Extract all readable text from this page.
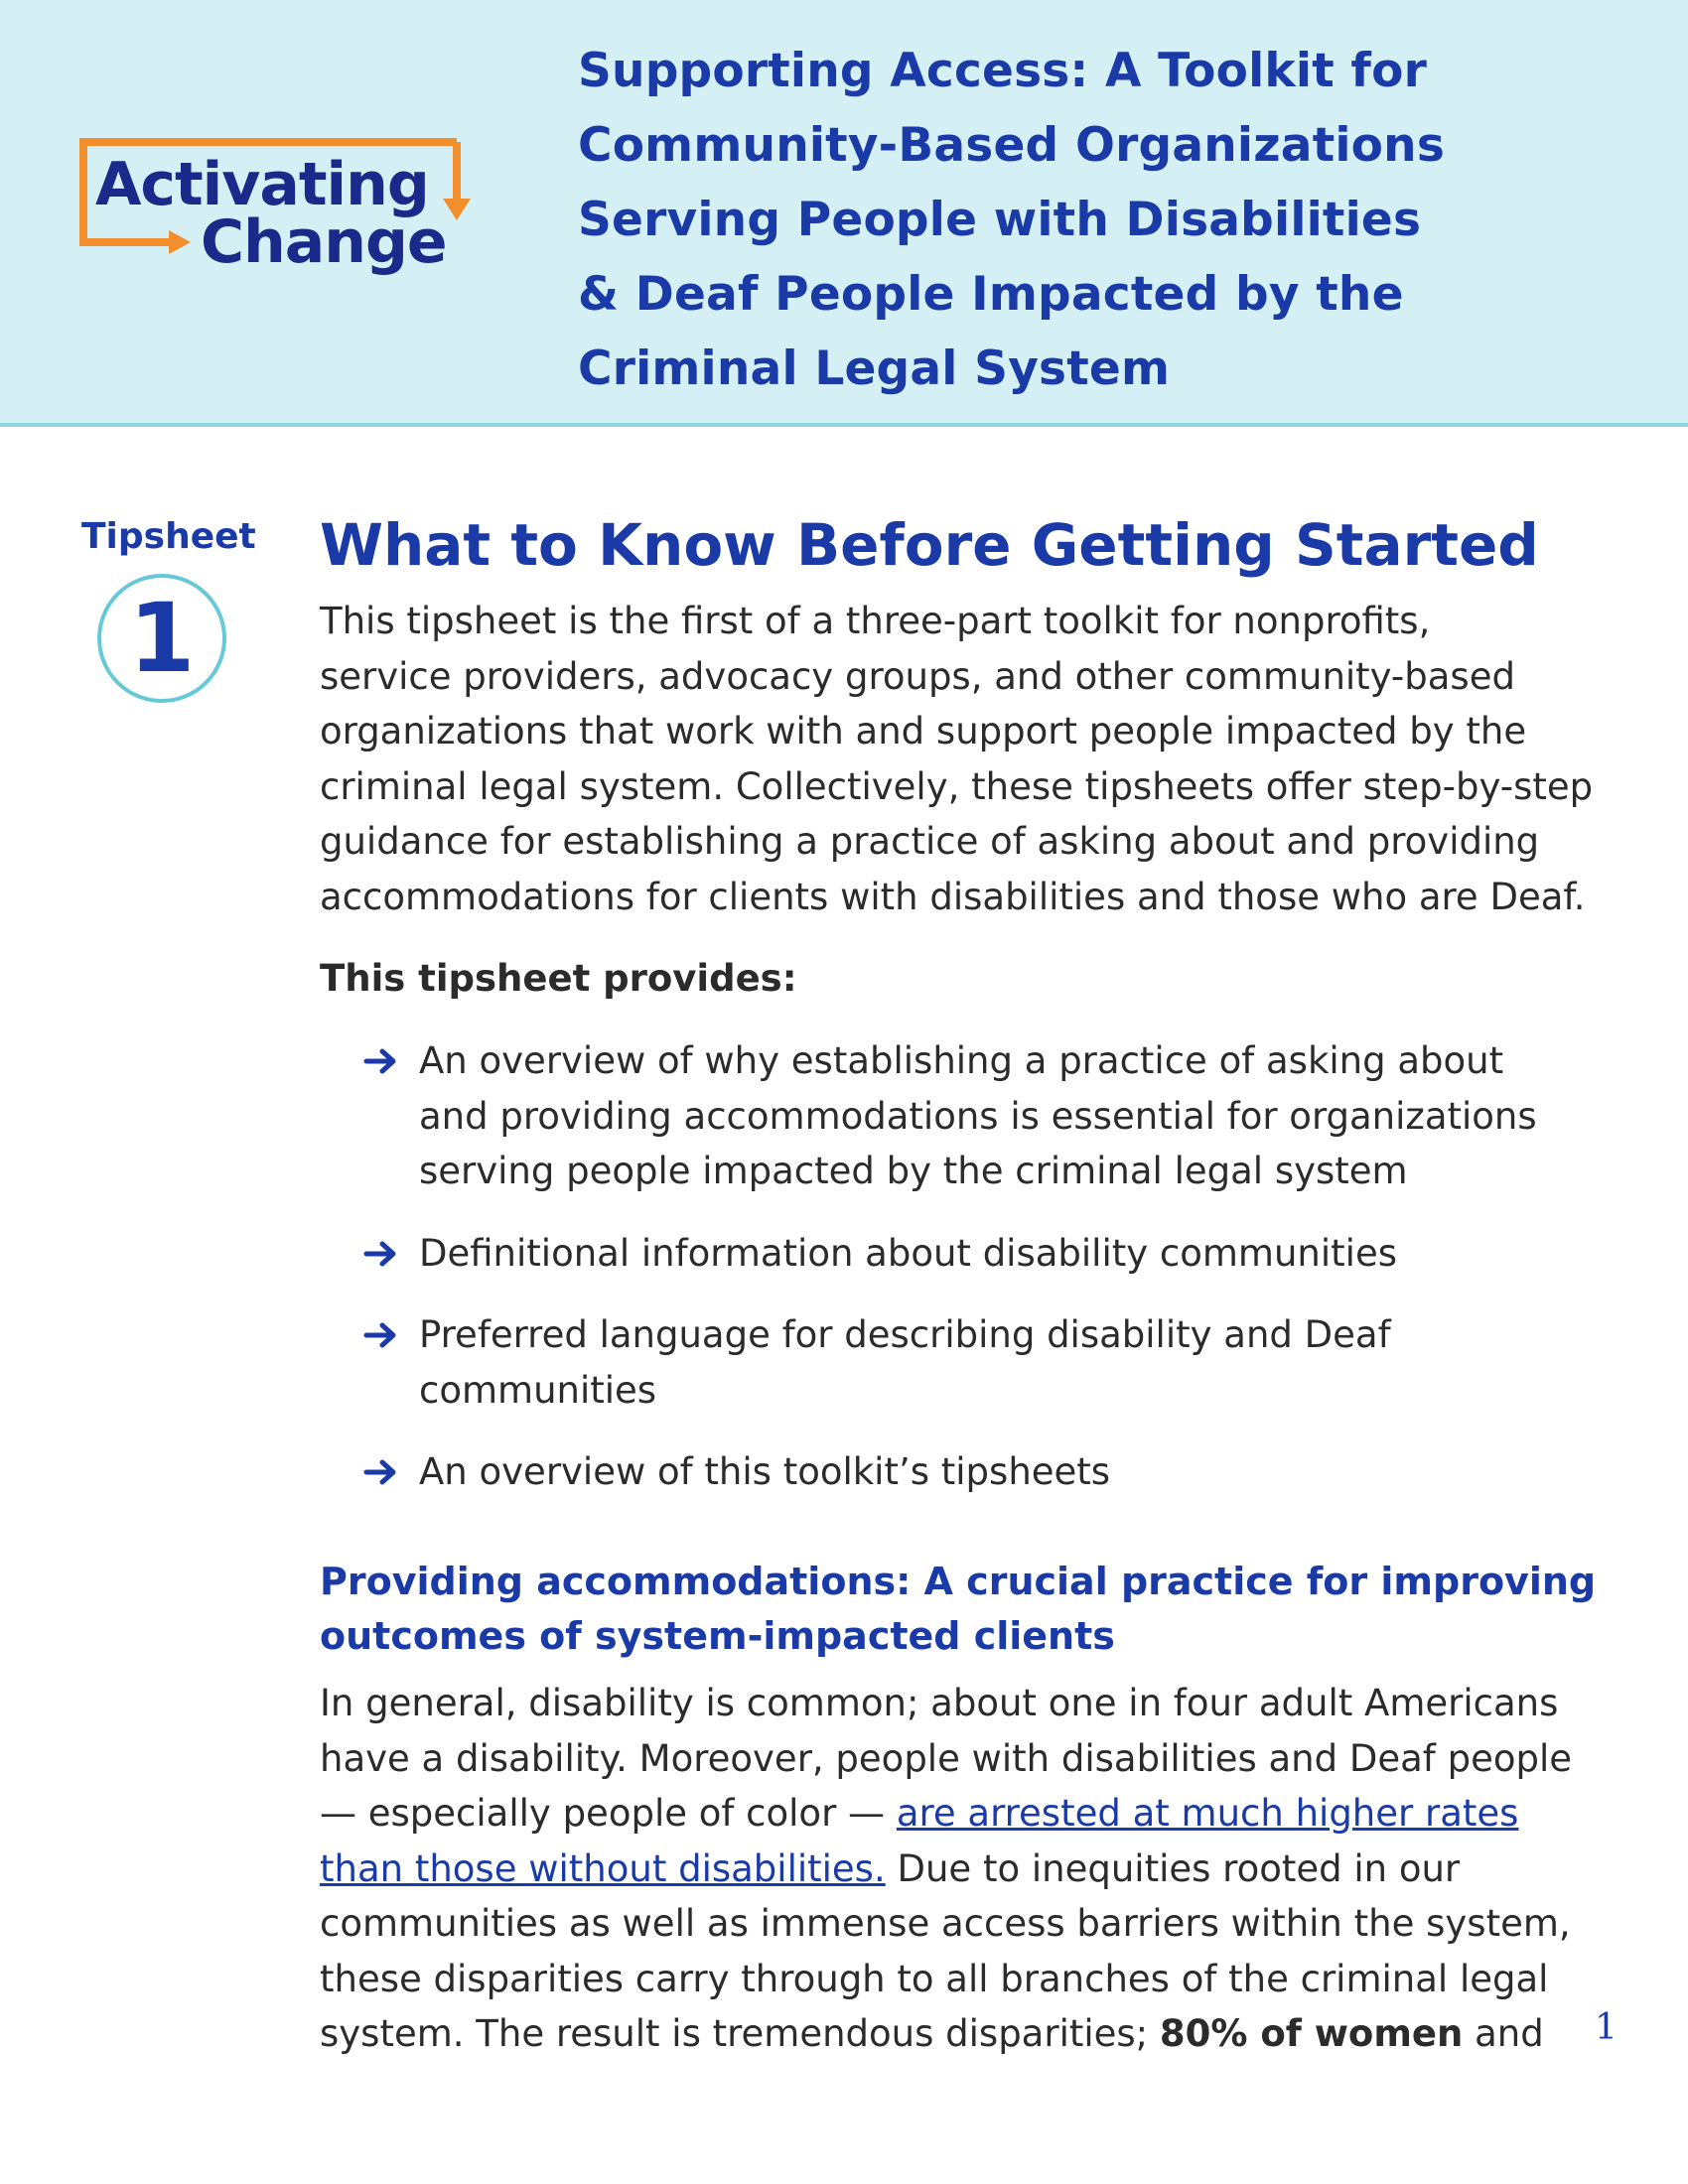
Activating
Change
Supporting Access: A Toolkit for
Community-Based Organizations
Serving People with Disabilities
& Deaf People Impacted by the
Criminal Legal System
Tipsheet
1
What to Know Before Getting Started

This tipsheet is the first of a three-part toolkit for nonprofits,
service providers, advocacy groups, and other community-based
organizations that work with and support people impacted by the
criminal legal system. Collectively, these tipsheets offer step-by-step
guidance for establishing a practice of asking about and providing
accommodations for clients with disabilities and those who are Deaf.

This tipsheet provides:

An overview of why establishing a practice of asking about
and providing accommodations is essential for organizations
serving people impacted by the criminal legal system
Definitional information about disability communities
Preferred language for describing disability and Deaf
communities
An overview of this toolkit’s tipsheets
Providing accommodations: A crucial practice for improving
outcomes of system-impacted clients

In general, disability is common; about one in four adult Americans
have a disability. Moreover, people with disabilities and Deaf people
— especially people of color — are arrested at much higher rates
than those without disabilities. Due to inequities rooted in our
communities as well as immense access barriers within the system,
these disparities carry through to all branches of the criminal legal
system. The result is tremendous disparities; 80% of women and	1
